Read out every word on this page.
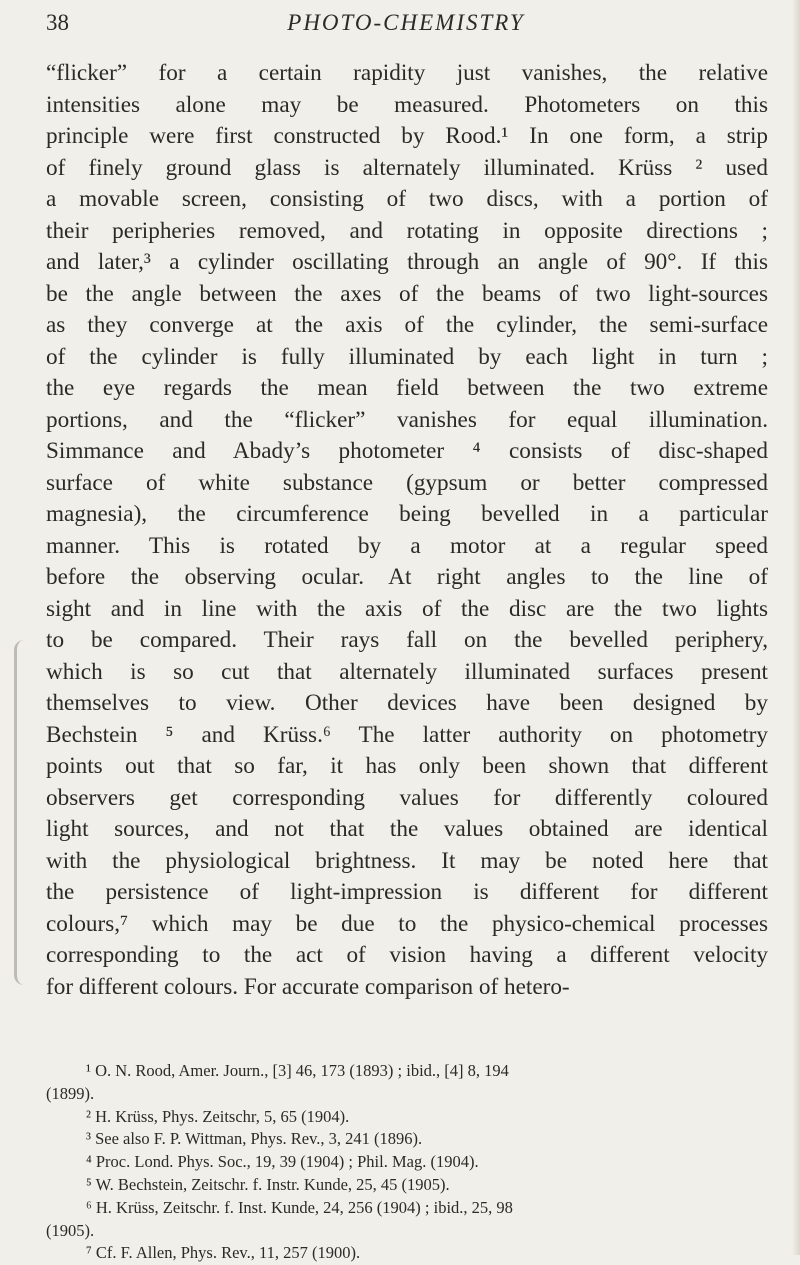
38	PHOTO-CHEMISTRY
“flicker” for a certain rapidity just vanishes, the relative
intensities alone may be measured. Photometers on this
principle were first constructed by Rood.¹ In one form, a strip
of finely ground glass is alternately illuminated. Krüss ² used
a movable screen, consisting of two discs, with a portion of
their peripheries removed, and rotating in opposite directions ;
and later,³ a cylinder oscillating through an angle of 90°. If this
be the angle between the axes of the beams of two light-sources
as they converge at the axis of the cylinder, the semi-surface
of the cylinder is fully illuminated by each light in turn ;
the eye regards the mean field between the two extreme
portions, and the “flicker” vanishes for equal illumination.
Simmance and Abady’s photometer ⁴ consists of disc-shaped
surface of white substance (gypsum or better compressed
magnesia), the circumference being bevelled in a particular
manner. This is rotated by a motor at a regular speed
before the observing ocular. At right angles to the line of
sight and in line with the axis of the disc are the two lights
to be compared. Their rays fall on the bevelled periphery,
which is so cut that alternately illuminated surfaces present
themselves to view. Other devices have been designed by
Bechstein ⁵ and Krüss.⁶ The latter authority on photometry
points out that so far, it has only been shown that different
observers get corresponding values for differently coloured
light sources, and not that the values obtained are identical
with the physiological brightness. It may be noted here that
the persistence of light-impression is different for different
colours,⁷ which may be due to the physico-chemical processes
corresponding to the act of vision having a different velocity
for different colours. For accurate comparison of hetero-
¹ O. N. Rood, Amer. Journ., [3] 46, 173 (1893) ; ibid., [4] 8, 194
(1899).
² H. Krüss, Phys. Zeitschr, 5, 65 (1904).
³ See also F. P. Wittman, Phys. Rev., 3, 241 (1896).
⁴ Proc. Lond. Phys. Soc., 19, 39 (1904) ; Phil. Mag. (1904).
⁵ W. Bechstein, Zeitschr. f. Instr. Kunde, 25, 45 (1905).
⁶ H. Krüss, Zeitschr. f. Inst. Kunde, 24, 256 (1904) ; ibid., 25, 98
(1905).
⁷ Cf. F. Allen, Phys. Rev., 11, 257 (1900).
